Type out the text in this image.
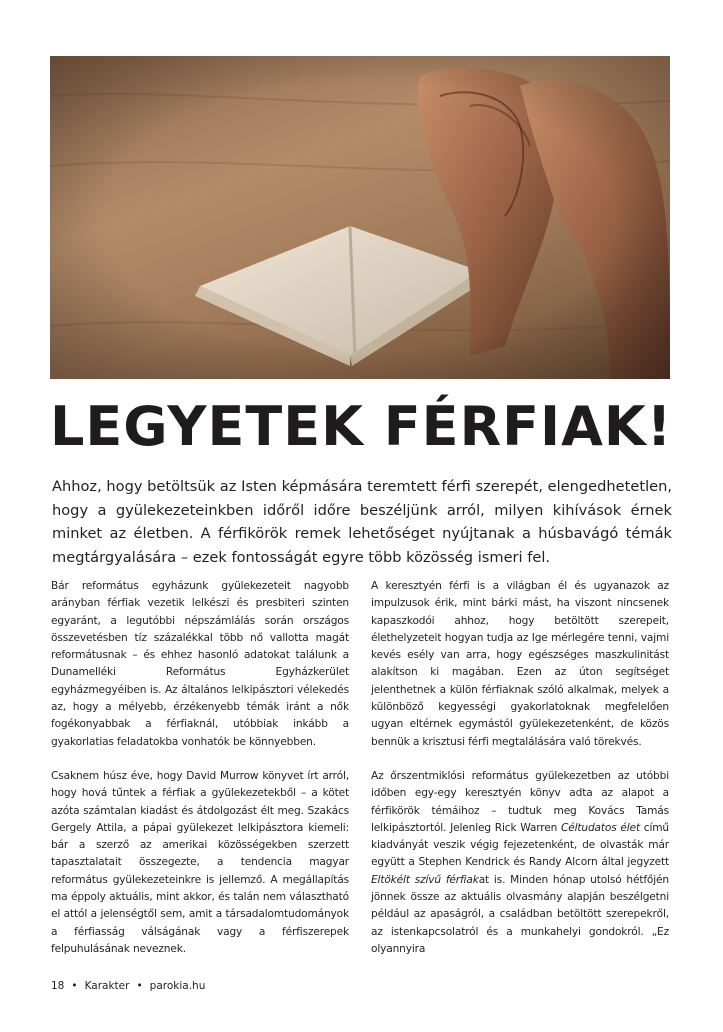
LEGYETEK FÉRFIAK!

Ahhoz, hogy betöltsük az Isten képmására teremtett férfi szerepét, elengedhetetlen, hogy a gyülekezeteinkben időről időre beszéljünk arról, milyen kihívások érnek minket az életben. A férfikörök remek lehetőséget nyújtanak a húsbavágó témák megtárgyalására – ezek fontosságát egyre több közösség ismeri fel.

Bár református egyházunk gyülekezeteit nagyobb arányban férfiak vezetik lelkészi és presbiteri szinten egyaránt, a legutóbbi népszámlálás során országos összevetésben tíz százalékkal több nő vallotta magát reformátusnak – és ehhez hasonló adatokat találunk a Dunamelléki Református Egyházkerület egyházmegyéiben is. Az általános lelkipásztori vélekedés az, hogy a mélyebb, érzékenyebb témák iránt a nők fogékonyabbak a férfiaknál, utóbbiak inkább a gyakorlatias feladatokba vonhatók be könnyebben.

Csaknem húsz éve, hogy David Murrow könyvet írt arról, hogy hová tűntek a férfiak a gyülekezetekből – a kötet azóta számtalan kiadást és átdolgozást élt meg. Szakács Gergely Attila, a pápai gyülekezet lelkipásztora kiemeli: bár a szerző az amerikai közösségekben szerzett tapasztalatait összegezte, a tendencia magyar református gyülekezeteinkre is jellemző. A megállapítás ma éppoly aktuális, mint akkor, és talán nem választható el attól a jelenségtől sem, amit a társadalomtudományok a férfiasság válságának vagy a férfiszerepek felpuhulásának neveznek.

A keresztyén férfi is a világban él és ugyanazok az impulzusok érik, mint bárki mást, ha viszont nincsenek kapaszkodói ahhoz, hogy betöltött szerepeit, élethelyzeteit hogyan tudja az Ige mérlegére tenni, vajmi kevés esély van arra, hogy egészséges maszkulinitást alakítson ki magában. Ezen az úton segítséget jelenthetnek a külön férfiaknak szóló alkalmak, melyek a különböző kegyességi gyakorlatoknak megfelelően ugyan eltérnek egymástól gyülekezetenként, de közös bennük a krisztusi férfi megtalálására való törekvés.

Az őrszentmiklósi református gyülekezetben az utóbbi időben egy-egy keresztyén könyv adta az alapot a férfikörök témáihoz – tudtuk meg Kovács Tamás lelkipásztortól. Jelenleg Rick Warren Céltudatos élet című kiadványát veszik végig fejezetenként, de olvasták már együtt a Stephen Kendrick és Randy Alcorn által jegyzett Eltökélt szívű férfiakat is. Minden hónap utolsó hétfőjén jönnek össze az aktuális olvasmány alapján beszélgetni például az apaságról, a családban betöltött szerepekről, az istenkapcsolatról és a munkahelyi gondokról. „Ez olyannyira

18 • Karakter • parokia.hu
